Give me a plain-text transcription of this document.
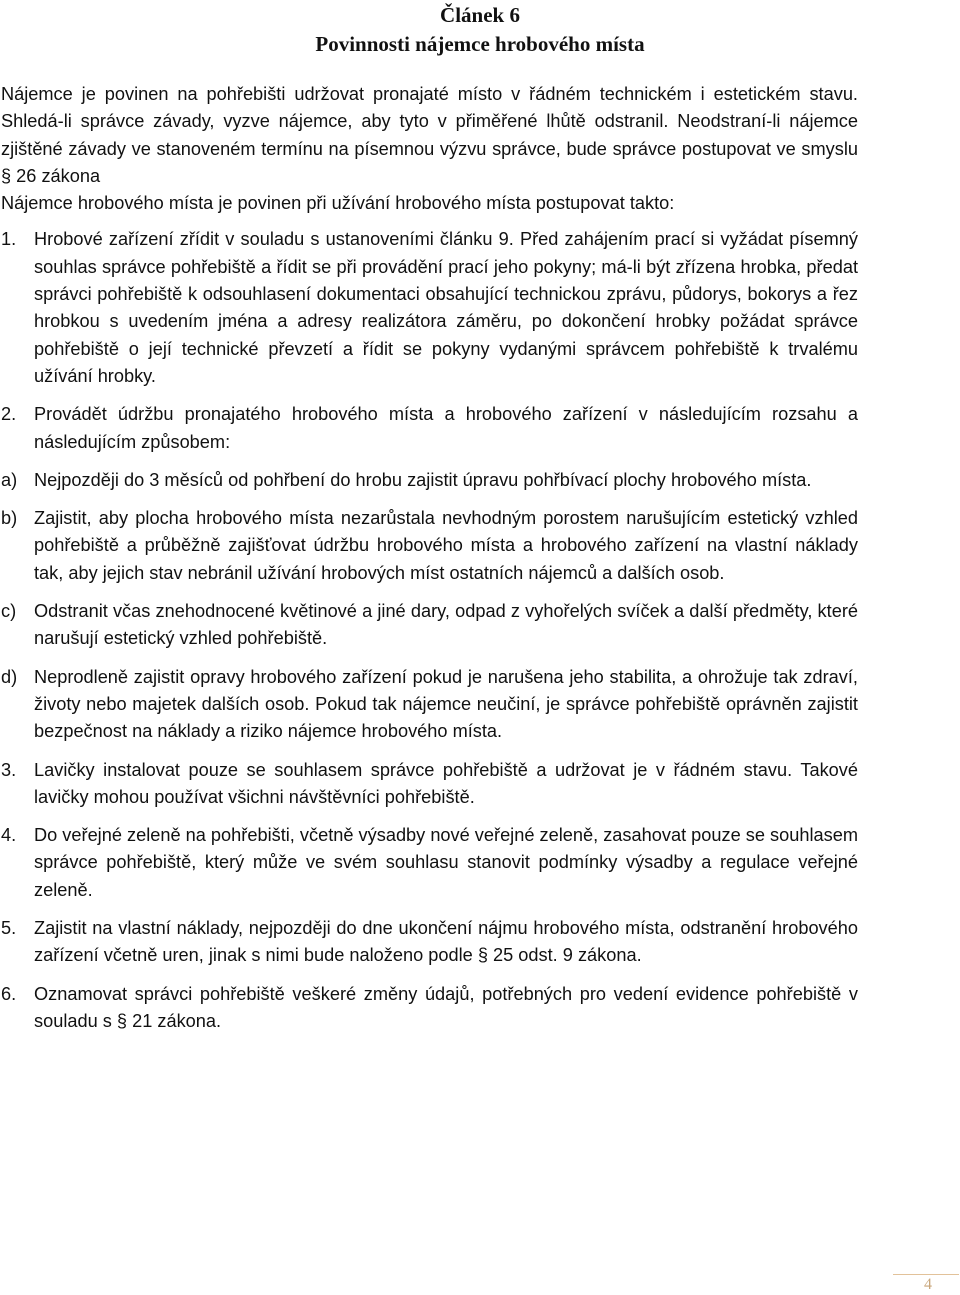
Článek 6

Povinnosti nájemce hrobového místa

Nájemce je povinen na pohřebišti udržovat pronajaté místo v řádném technickém i estetickém stavu. Shledá-li správce závady, vyzve nájemce, aby tyto v přiměřené lhůtě odstranil. Neodstraní-li nájemce zjištěné závady ve stanoveném termínu na písemnou výzvu správce, bude správce postupovat ve smyslu § 26 zákona

Nájemce hrobového místa je povinen při užívání hrobového místa postupovat takto:

1. Hrobové zařízení zřídit v souladu s ustanoveními článku 9. Před zahájením prací si vyžádat písemný souhlas správce pohřebiště a řídit se při provádění prací jeho pokyny; má-li být zřízena hrobka, předat správci pohřebiště k odsouhlasení dokumentaci obsahující technickou zprávu, půdorys, bokorys a řez hrobkou s uvedením jména a adresy realizátora záměru, po dokončení hrobky požádat správce pohřebiště o její technické převzetí a řídit se pokyny vydanými správcem pohřebiště k trvalému užívání hrobky.
2. Provádět údržbu pronajatého hrobového místa a hrobového zařízení v následujícím rozsahu a následujícím způsobem:
a) Nejpozději do 3 měsíců od pohřbení do hrobu zajistit úpravu pohřbívací plochy hrobového místa.
b) Zajistit, aby plocha hrobového místa nezarůstala nevhodným porostem narušujícím estetický vzhled pohřebiště a průběžně zajišťovat údržbu hrobového místa a hrobového zařízení na vlastní náklady tak, aby jejich stav nebránil užívání hrobových míst ostatních nájemců a dalších osob.
c) Odstranit včas znehodnocené květinové a jiné dary, odpad z vyhořelých svíček a další předměty, které narušují estetický vzhled pohřebiště.
d) Neprodleně zajistit opravy hrobového zařízení pokud je narušena jeho stabilita, a ohrožuje tak zdraví, životy nebo majetek dalších osob. Pokud tak nájemce neučiní, je správce pohřebiště oprávněn zajistit bezpečnost na náklady a riziko nájemce hrobového místa.
3. Lavičky instalovat pouze se souhlasem správce pohřebiště a udržovat je v řádném stavu. Takové lavičky mohou používat všichni návštěvníci pohřebiště.
4. Do veřejné zeleně na pohřebišti, včetně výsadby nové veřejné zeleně, zasahovat pouze se souhlasem správce pohřebiště, který může ve svém souhlasu stanovit podmínky výsadby a regulace veřejné zeleně.
5. Zajistit na vlastní náklady, nejpozději do dne ukončení nájmu hrobového místa, odstranění hrobového zařízení včetně uren, jinak s nimi bude naloženo podle § 25 odst. 9 zákona.
6. Oznamovat správci pohřebiště veškeré změny údajů, potřebných pro vedení evidence pohřebiště v souladu s § 21 zákona.
4
